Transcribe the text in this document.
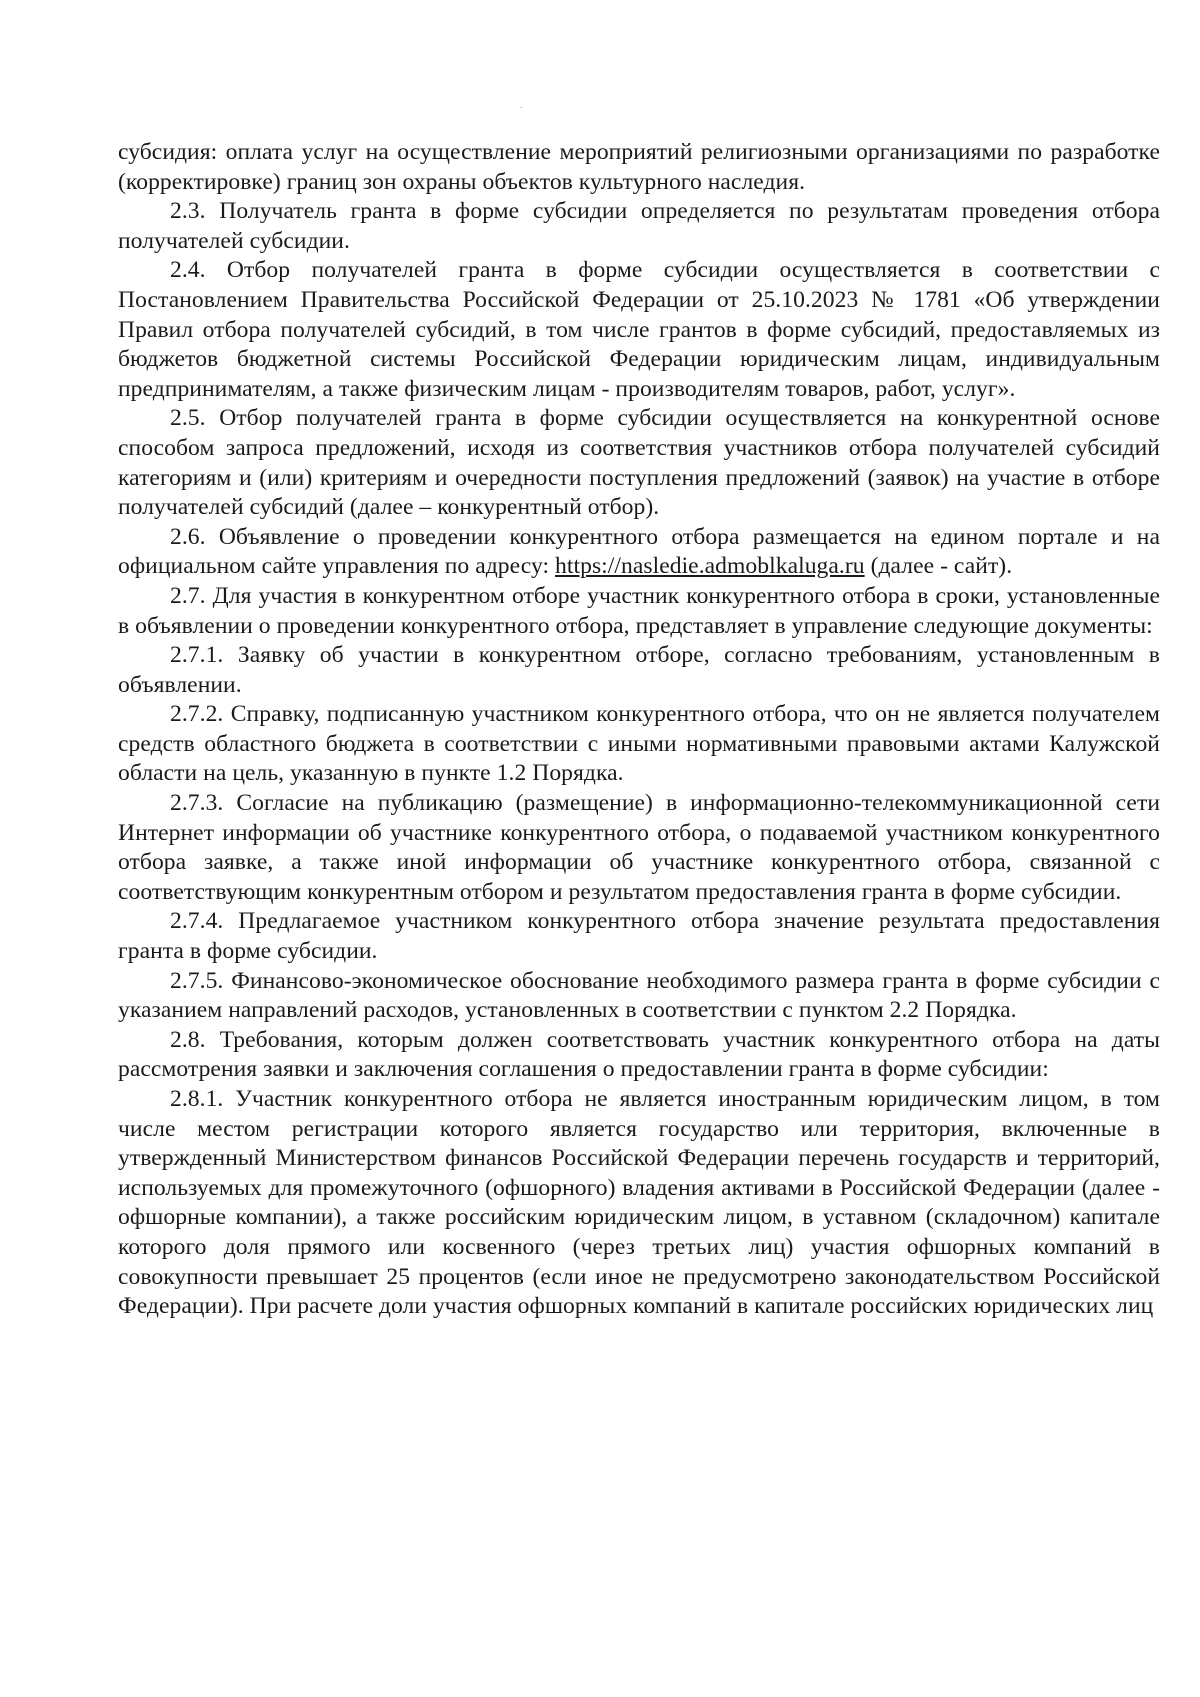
субсидия: оплата услуг на осуществление мероприятий религиозными организациями по разработке (корректировке) границ зон охраны объектов культурного наследия.

2.3. Получатель гранта в форме субсидии определяется по результатам проведения отбора получателей субсидии.

2.4. Отбор получателей гранта в форме субсидии осуществляется в соответствии с Постановлением Правительства Российской Федерации от 25.10.2023 № 1781 «Об утверждении Правил отбора получателей субсидий, в том числе грантов в форме субсидий, предоставляемых из бюджетов бюджетной системы Российской Федерации юридическим лицам, индивидуальным предпринимателям, а также физическим лицам - производителям товаров, работ, услуг».

2.5. Отбор получателей гранта в форме субсидии осуществляется на конкурентной основе способом запроса предложений, исходя из соответствия участников отбора получателей субсидий категориям и (или) критериям и очередности поступления предложений (заявок) на участие в отборе получателей субсидий (далее – конкурентный отбор).

2.6. Объявление о проведении конкурентного отбора размещается на едином портале и на официальном сайте управления по адресу: https://nasledie.admoblkaluga.ru (далее - сайт).

2.7. Для участия в конкурентном отборе участник конкурентного отбора в сроки, установленные в объявлении о проведении конкурентного отбора, представляет в управление следующие документы:

2.7.1. Заявку об участии в конкурентном отборе, согласно требованиям, установленным в объявлении.

2.7.2. Справку, подписанную участником конкурентного отбора, что он не является получателем средств областного бюджета в соответствии с иными нормативными правовыми актами Калужской области на цель, указанную в пункте 1.2 Порядка.

2.7.3. Согласие на публикацию (размещение) в информационно-телекоммуникационной сети Интернет информации об участнике конкурентного отбора, о подаваемой участником конкурентного отбора заявке, а также иной информации об участнике конкурентного отбора, связанной с соответствующим конкурентным отбором и результатом предоставления гранта в форме субсидии.

2.7.4. Предлагаемое участником конкурентного отбора значение результата предоставления гранта в форме субсидии.

2.7.5. Финансово-экономическое обоснование необходимого размера гранта в форме субсидии с указанием направлений расходов, установленных в соответствии с пунктом 2.2 Порядка.

2.8. Требования, которым должен соответствовать участник конкурентного отбора на даты рассмотрения заявки и заключения соглашения о предоставлении гранта в форме субсидии:

2.8.1. Участник конкурентного отбора не является иностранным юридическим лицом, в том числе местом регистрации которого является государство или территория, включенные в утвержденный Министерством финансов Российской Федерации перечень государств и территорий, используемых для промежуточного (офшорного) владения активами в Российской Федерации (далее - офшорные компании), а также российским юридическим лицом, в уставном (складочном) капитале которого доля прямого или косвенного (через третьих лиц) участия офшорных компаний в совокупности превышает 25 процентов (если иное не предусмотрено законодательством Российской Федерации). При расчете доли участия офшорных компаний в капитале российских юридических лиц
